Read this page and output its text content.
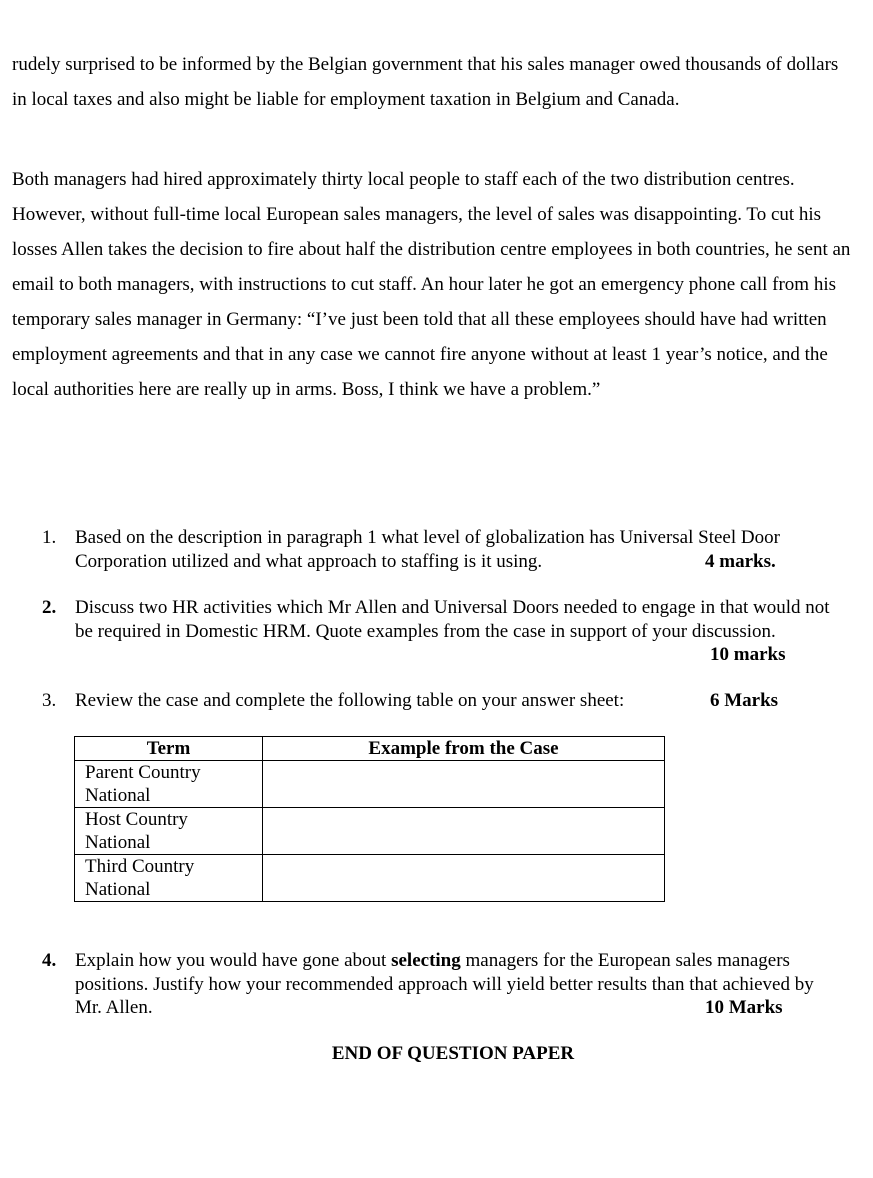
rudely surprised to be informed by the Belgian government that his sales manager owed thousands of dollars in local taxes and also might be liable for employment taxation in Belgium and Canada.

Both managers had hired approximately thirty local people to staff each of the two distribution centres. However, without full-time local European sales managers, the level of sales was disappointing. To cut his losses Allen takes the decision to fire about half the distribution centre employees in both countries, he sent an email to both managers, with instructions to cut staff. An hour later he got an emergency phone call from his temporary sales manager in Germany: “I’ve just been told that all these employees should have had written employment agreements and that in any case we cannot fire anyone without at least 1 year’s notice, and the local authorities here are really up in arms. Boss, I think we have a problem.”

1. Based on the description in paragraph 1 what level of globalization has Universal Steel Door Corporation utilized and what approach to staffing is it using.	4 marks.
2. Discuss two HR activities which Mr Allen and Universal Doors needed to engage in that would not be required in Domestic HRM. Quote examples from the case in support of your discussion.
10 marks
3. Review the case and complete the following table on your answer sheet:	6 Marks
Term	Example from the Case
Parent Country National	
Host Country National	
Third Country National	
4. Explain how you would have gone about selecting managers for the European sales managers positions. Justify how your recommended approach will yield better results than that achieved by Mr. Allen.	10 Marks
END OF QUESTION PAPER
